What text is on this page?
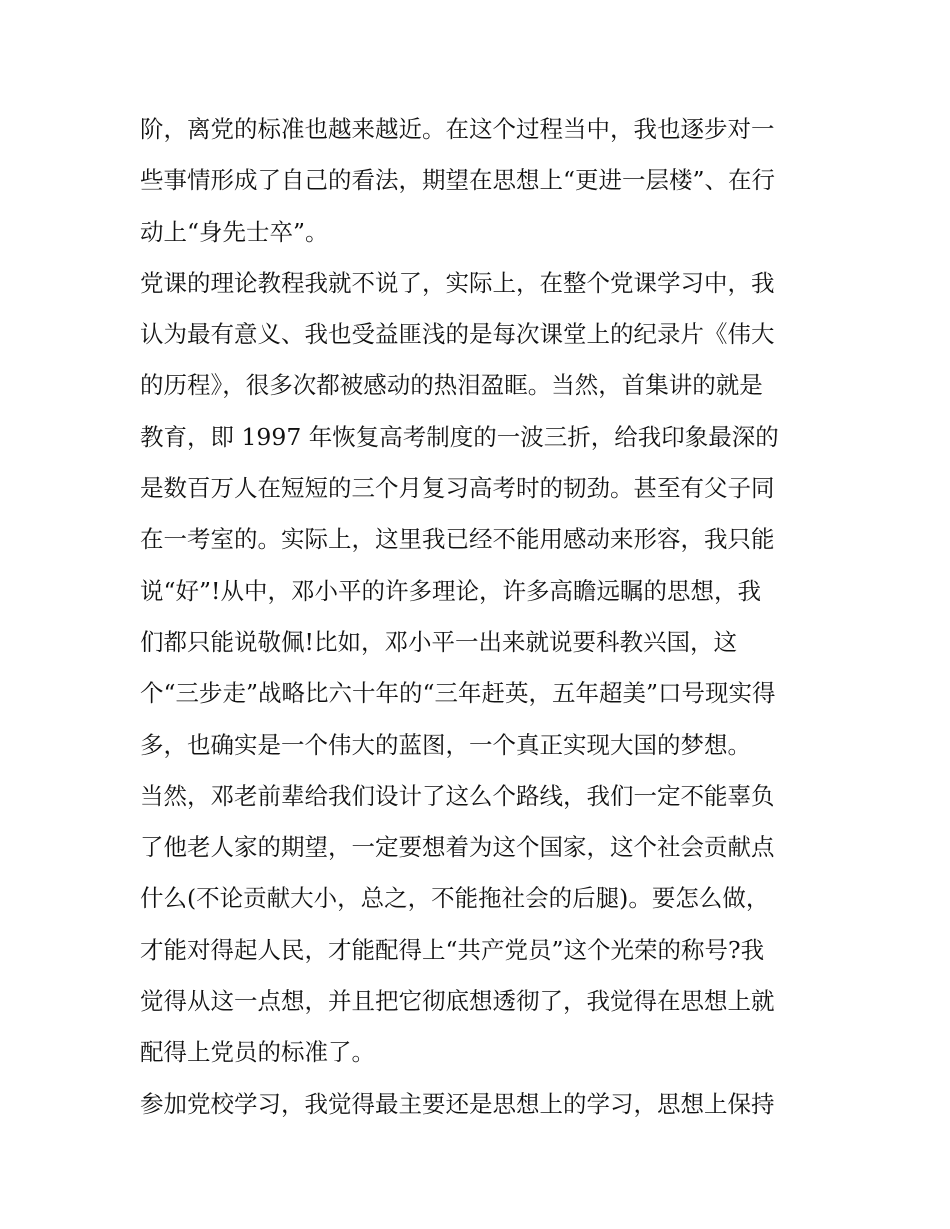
阶，离党的标准也越来越近。在这个过程当中，我也逐步对一
些事情形成了自己的看法，期望在思想上“更进一层楼”、在行
动上“身先士卒”。
党课的理论教程我就不说了，实际上，在整个党课学习中，我
认为最有意义、我也受益匪浅的是每次课堂上的纪录片《伟大
的历程》，很多次都被感动的热泪盈眶。当然，首集讲的就是
教育，即 1997 年恢复高考制度的一波三折，给我印象最深的
是数百万人在短短的三个月复习高考时的韧劲。甚至有父子同
在一考室的。实际上，这里我已经不能用感动来形容，我只能
说“好”!从中，邓小平的许多理论，许多高瞻远瞩的思想，我
们都只能说敬佩!比如，邓小平一出来就说要科教兴国，这
个“三步走”战略比六十年的“三年赶英，五年超美”口号现实得
多，也确实是一个伟大的蓝图，一个真正实现大国的梦想。
当然，邓老前辈给我们设计了这么个路线，我们一定不能辜负
了他老人家的期望，一定要想着为这个国家，这个社会贡献点
什么(不论贡献大小，总之，不能拖社会的后腿)。要怎么做，
才能对得起人民，才能配得上“共产党员”这个光荣的称号?我
觉得从这一点想，并且把它彻底想透彻了，我觉得在思想上就
配得上党员的标准了。
参加党校学习，我觉得最主要还是思想上的学习，思想上保持
